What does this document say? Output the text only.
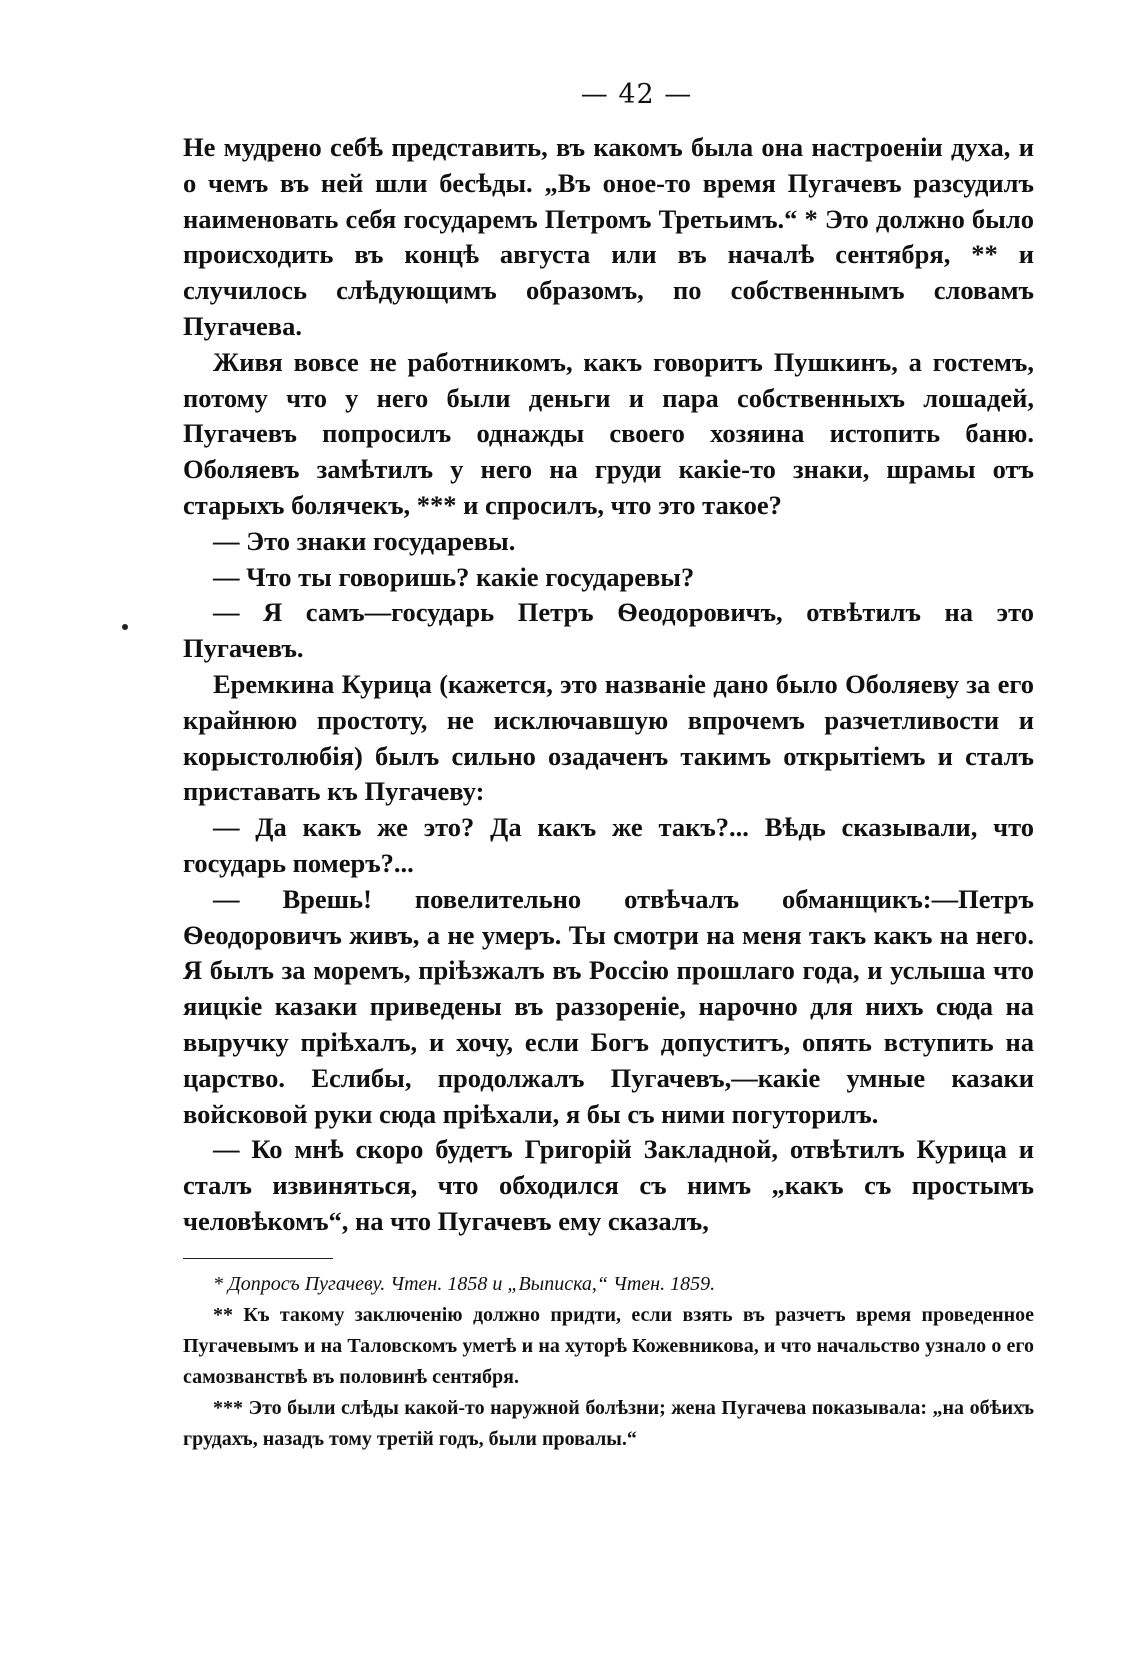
— 42 —

Не мудрено себѣ представить, въ какомъ была она настроеніи духа, и о чемъ въ ней шли бесѣды. „Въ оное-то время Пугачевъ разсудилъ наименовать себя государемъ Петромъ Третьимъ.“ * Это должно было происходить въ концѣ августа или въ началѣ сентября, ** и случилось слѣдующимъ образомъ, по собственнымъ словамъ Пугачева.

Живя вовсе не работникомъ, какъ говоритъ Пушкинъ, а гостемъ, потому что у него были деньги и пара собственныхъ лошадей, Пугачевъ попросилъ однажды своего хозяина истопить баню. Оболяевъ замѣтилъ у него на груди какіе-то знаки, шрамы отъ старыхъ болячекъ, *** и спросилъ, что это такое?

— Это знаки государевы.

— Что ты говоришь? какіе государевы?

— Я самъ—государь Петръ Ѳеодоровичъ, отвѣтилъ на это Пугачевъ.

Еремкина Курица (кажется, это названіе дано было Оболяеву за его крайнюю простоту, не исключавшую впрочемъ разчетливости и корыстолюбія) былъ сильно озадаченъ такимъ открытіемъ и сталъ приставать къ Пугачеву:

— Да какъ же это? Да какъ же такъ?... Вѣдь сказывали, что государь померъ?...

— Врешь! повелительно отвѣчалъ обманщикъ:—Петръ Ѳеодоровичъ живъ, а не умеръ. Ты смотри на меня такъ какъ на него. Я былъ за моремъ, пріѣзжалъ въ Россію прошлаго года, и услыша что яицкіе казаки приведены въ раззореніе, нарочно для нихъ сюда на выручку пріѣхалъ, и хочу, если Богъ допуститъ, опять вступить на царство. Еслибы, продолжалъ Пугачевъ,—какіе умные казаки войсковой руки сюда пріѣхали, я бы съ ними погуторилъ.

— Ко мнѣ скоро будетъ Григорій Закладной, отвѣтилъ Курица и сталъ извиняться, что обходился съ нимъ „какъ съ простымъ человѣкомъ“, на что Пугачевъ ему сказалъ,

* Допросъ Пугачеву. Чтен. 1858 и „Выписка,“ Чтен. 1859.

** Къ такому заключенію должно придти, если взять въ разчетъ время проведенное Пугачевымъ и на Таловскомъ уметѣ и на хуторѣ Кожевникова, и что начальство узнало о его самозванствѣ въ половинѣ сентября.

*** Это были слѣды какой-то наружной болѣзни; жена Пугачева показывала: „на обѣихъ грудахъ, назадъ тому третій годъ, были провалы.“
